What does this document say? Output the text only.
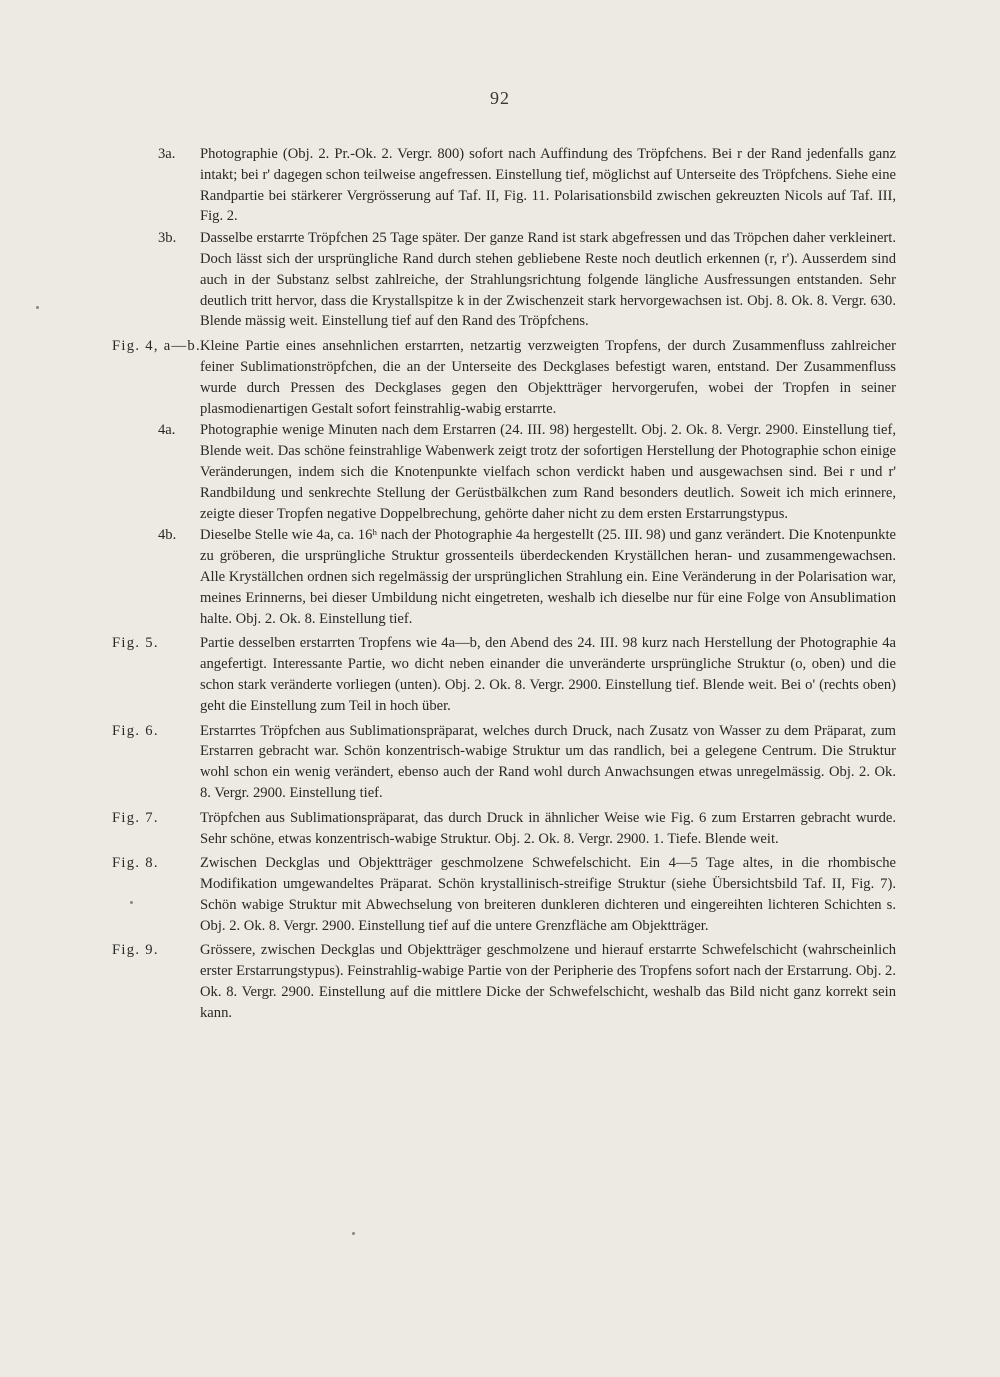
92
3a. Photographie (Obj. 2. Pr.-Ok. 2. Vergr. 800) sofort nach Auffindung des Tröpfchens. Bei r der Rand jedenfalls ganz intakt; bei r' dagegen schon teilweise angefressen. Einstellung tief, möglichst auf Unterseite des Tröpfchens. Siehe eine Randpartie bei stärkerer Vergrösserung auf Taf. II, Fig. 11. Polarisationsbild zwischen gekreuzten Nicols auf Taf. III, Fig. 2.
3b. Dasselbe erstarrte Tröpfchen 25 Tage später. Der ganze Rand ist stark abgefressen und das Tröpchen daher verkleinert. Doch lässt sich der ursprüngliche Rand durch stehen gebliebene Reste noch deutlich erkennen (r, r'). Ausserdem sind auch in der Substanz selbst zahlreiche, der Strahlungsrichtung folgende längliche Ausfressungen entstanden. Sehr deutlich tritt hervor, dass die Krystallspitze k in der Zwischenzeit stark hervorgewachsen ist. Obj. 8. Ok. 8. Vergr. 630. Blende mässig weit. Einstellung tief auf den Rand des Tröpfchens.
Fig. 4, a—b. Kleine Partie eines ansehnlichen erstarrten, netzartig verzweigten Tropfens, der durch Zusammenfluss zahlreicher feiner Sublimationströpfchen, die an der Unterseite des Deckglases befestigt waren, entstand. Der Zusammenfluss wurde durch Pressen des Deckglases gegen den Objektträger hervorgerufen, wobei der Tropfen in seiner plasmodienartigen Gestalt sofort feinstrahlig-wabig erstarrte.
4a. Photographie wenige Minuten nach dem Erstarren (24. III. 98) hergestellt. Obj. 2. Ok. 8. Vergr. 2900. Einstellung tief, Blende weit. Das schöne feinstrahlige Wabenwerk zeigt trotz der sofortigen Herstellung der Photographie schon einige Veränderungen, indem sich die Knotenpunkte vielfach schon verdickt haben und ausgewachsen sind. Bei r und r' Randbildung und senkrechte Stellung der Gerüstbälkchen zum Rand besonders deutlich. Soweit ich mich erinnere, zeigte dieser Tropfen negative Doppelbrechung, gehörte daher nicht zu dem ersten Erstarrungstypus.
4b. Dieselbe Stelle wie 4a, ca. 16ʰ nach der Photographie 4a hergestellt (25. III. 98) und ganz verändert. Die Knotenpunkte zu gröberen, die ursprüngliche Struktur grossenteils überdeckenden Kryställchen heran- und zusammengewachsen. Alle Kryställchen ordnen sich regelmässig der ursprünglichen Strahlung ein. Eine Veränderung in der Polarisation war, meines Erinnerns, bei dieser Umbildung nicht eingetreten, weshalb ich dieselbe nur für eine Folge von Ansublimation halte. Obj. 2. Ok. 8. Einstellung tief.
Fig. 5.	Partie desselben erstarrten Tropfens wie 4a—b, den Abend des 24. III. 98 kurz nach Herstellung der Photographie 4a angefertigt. Interessante Partie, wo dicht neben einander die unveränderte ursprüngliche Struktur (o, oben) und die schon stark veränderte vorliegen (unten). Obj. 2. Ok. 8. Vergr. 2900. Einstellung tief. Blende weit. Bei o' (rechts oben) geht die Einstellung zum Teil in hoch über.
Fig. 6.	Erstarrtes Tröpfchen aus Sublimationspräparat, welches durch Druck, nach Zusatz von Wasser zu dem Präparat, zum Erstarren gebracht war. Schön konzentrisch-wabige Struktur um das randlich, bei a gelegene Centrum. Die Struktur wohl schon ein wenig verändert, ebenso auch der Rand wohl durch Anwachsungen etwas unregelmässig. Obj. 2. Ok. 8. Vergr. 2900. Einstellung tief.
Fig. 7.	Tröpfchen aus Sublimationspräparat, das durch Druck in ähnlicher Weise wie Fig. 6 zum Erstarren gebracht wurde. Sehr schöne, etwas konzentrisch-wabige Struktur. Obj. 2. Ok. 8. Vergr. 2900. 1. Tiefe. Blende weit.
Fig. 8.	Zwischen Deckglas und Objektträger geschmolzene Schwefelschicht. Ein 4—5 Tage altes, in die rhombische Modifikation umgewandeltes Präparat. Schön krystallinisch-streifige Struktur (siehe Übersichtsbild Taf. II, Fig. 7). Schön wabige Struktur mit Abwechselung von breiteren dunkleren dichteren und eingereihten lichteren Schichten s. Obj. 2. Ok. 8. Vergr. 2900. Einstellung tief auf die untere Grenzfläche am Objektträger.
Fig. 9.	Grössere, zwischen Deckglas und Objektträger geschmolzene und hierauf erstarrte Schwefelschicht (wahrscheinlich erster Erstarrungstypus). Feinstrahlig-wabige Partie von der Peripherie des Tropfens sofort nach der Erstarrung. Obj. 2. Ok. 8. Vergr. 2900. Einstellung auf die mittlere Dicke der Schwefelschicht, weshalb das Bild nicht ganz korrekt sein kann.
